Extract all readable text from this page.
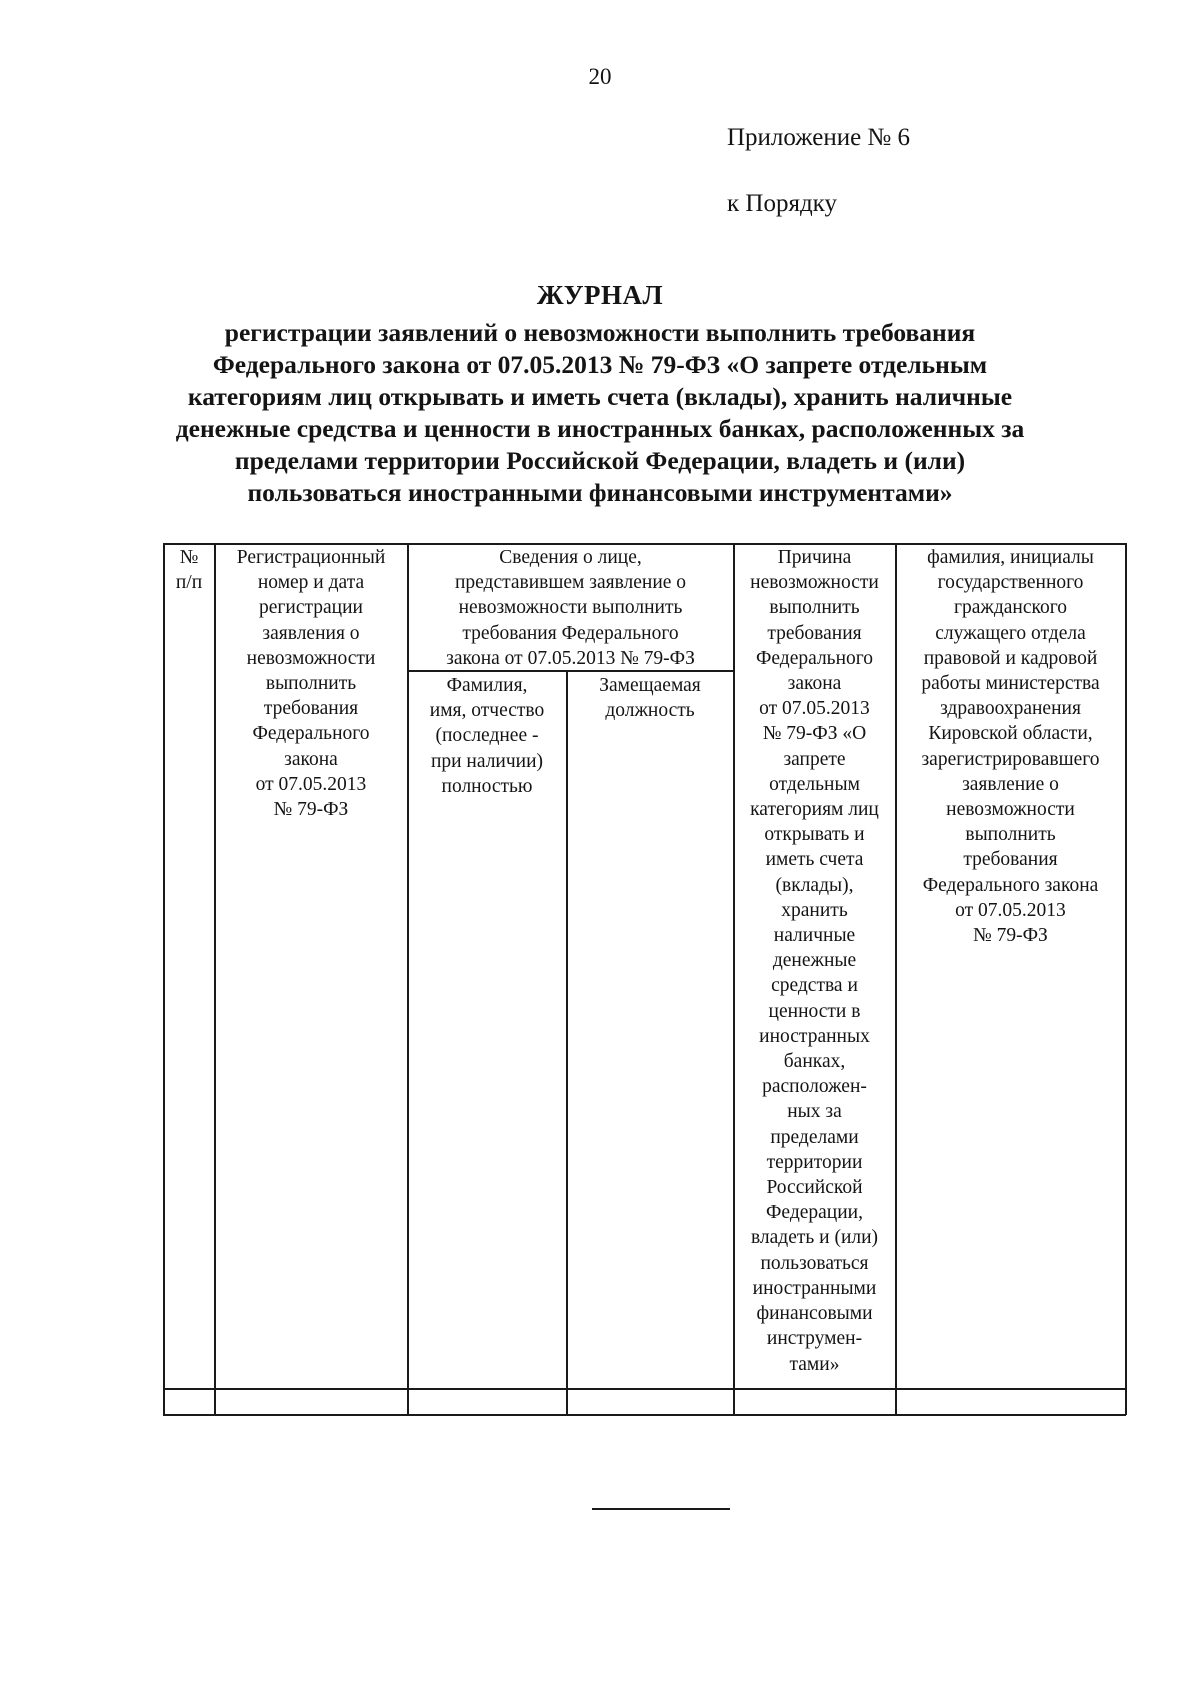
20
Приложение № 6
к Порядку
ЖУРНАЛ
регистрации заявлений о невозможности выполнить требования
Федерального закона от 07.05.2013 № 79-ФЗ «О запрете отдельным
категориям лиц открывать и иметь счета (вклады), хранить наличные
денежные средства и ценности в иностранных банках, расположенных за
пределами территории Российской Федерации, владеть и (или)
пользоваться иностранными финансовыми инструментами»
№
п/п
Регистрационный
номер и дата
регистрации
заявления о
невозможности
выполнить
требования
Федерального
закона
от 07.05.2013
№ 79-ФЗ
Сведения о лице,
представившем заявление о
невозможности выполнить
требования Федерального
закона от 07.05.2013 № 79-ФЗ
Фамилия,
имя, отчество
(последнее -
при наличии)
полностью
Замещаемая
должность
Причина
невозможности
выполнить
требования
Федерального
закона
от 07.05.2013
№ 79-ФЗ «О
запрете
отдельным
категориям лиц
открывать и
иметь счета
(вклады),
хранить
наличные
денежные
средства и
ценности в
иностранных
банках,
расположен-
ных за
пределами
территории
Российской
Федерации,
владеть и (или)
пользоваться
иностранными
финансовыми
инструмен-
тами»
фамилия, инициалы
государственного
гражданского
служащего отдела
правовой и кадровой
работы министерства
здравоохранения
Кировской области,
зарегистрировавшего
заявление о
невозможности
выполнить
требования
Федерального закона
от 07.05.2013
№ 79-ФЗ
